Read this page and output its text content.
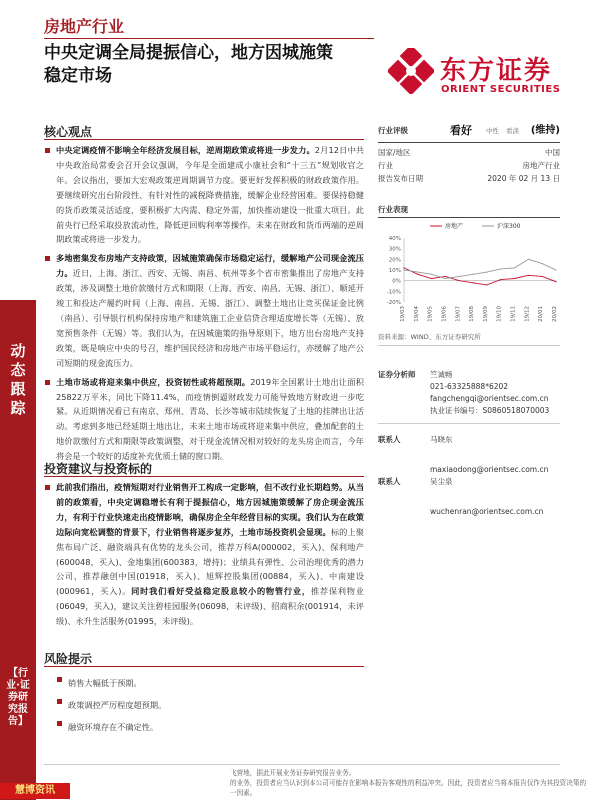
房地产行业
中央定调全局提振信心，地方因城施策
稳定市场	东方证券
ORIENT SECURITIES
动态跟踪
【行业·证券研究报告】
核心观点
中央定调疫情不影响全年经济发展目标，逆周期政策或将进一步发力。2月12日中共中央政治局常委会召开会议强调，今年是全面建成小康社会和“十三五”规划收官之年。会议指出，要加大宏观政策逆周期调节力度。要更好发挥积极的财政政策作用。要继续研究出台阶段性、有针对性的减税降费措施，缓解企业经营困难。要保持稳健的货币政策灵活适度，要积极扩大内需、稳定外需，加快推动建设一批重大项目。此前央行已经采取投放流动性，降低逆回购利率等操作。未来在财政和货币两端的逆周期政策或将进一步发力。
多地密集发布房地产支持政策，因城施策确保市场稳定运行，缓解地产公司现金流压力。近日，上海、浙江、西安、无锡、南昌、杭州等多个省市密集推出了房地产支持政策，涉及调整土地价款缴付方式和期限（上海、西安、南昌、无锡、浙江）、顺延开竣工和投达产履约时间（上海、南昌、无锡、浙江）、调整土地出让竞买保证金比例（南昌）、引导银行机构保持房地产和建筑施工企业信贷合理适度增长等（无锡）、放宽预售条件（无锡）等。我们认为，在因城施策的指导原则下，地方出台房地产支持政策，既是响应中央的号召，维护国民经济和房地产市场平稳运行，亦缓解了地产公司短期的现金流压力。
土地市场或将迎来集中供应，投资韧性或将超预期。2019年全国累计土地出让面积25822万平米，同比下降11.4%，而疫情倒逼财政发力可能导致地方财政进一步吃紧。从近期情况看已有南京、郑州、青岛、长沙等城市陆续恢复了土地的挂牌出让活动。考虑到多地已经延期土地出让，未来土地市场或将迎来集中供应，叠加配套的土地价款缴付方式和期限等政策调整，对于现金流情况相对较好的龙头房企而言，今年将会是一个较好的适度补充优质土储的窗口期。
投资建议与投资标的
此前我们指出，疫情短期对行业销售开工构成一定影响，但不改行业长期趋势。从当前的政策看，中央定调稳增长有利于提振信心，地方因城施策缓解了房企现金流压力，有利于行业快速走出疫情影响，确保房企全年经营目标的实现。我们认为在政策边际向宽松调整的背景下，行业销售将逐步复苏，土地市场投资机会显现。标的上聚焦布局广泛、融资端具有优势的龙头公司，推荐万科A(000002，买入)、保利地产(600048，买入)、金地集团(600383，增持)；业绩具有弹性、公司治理优秀的潜力公司，推荐融创中国(01918，买入)、旭辉控股集团(00884，买入)、中南建设(000961，买入)。同时我们看好受益稳定股息较小的物管行业，推荐保利物业(06049，买入)，建议关注碧桂园服务(06098，未评级)、招商积余(001914，未评级)、永升生活服务(01995，未评级)。
风险提示
销售大幅低于预期。
政策调控严厉程度超预期。
融资环境存在不确定性。
行业评级	看好 中性 看淡 (维持)
国家/地区	中国
行业	房地产行业
报告发布日期	2020 年 02 月 13 日
行业表现
40%
30%
20%
10%
0%
-10%
-20%
19/03 19/04 19/05 19/06 19/07 19/08 19/09 19/10 19/11 19/12 20/01 20/02
房地产	沪深300
资料来源：WIND、东方证券研究所
证券分析师 竺诚畅
021-63325888*6202
fangchengqi@orientsec.com.cn
执业证书编号：S0860518070003
联系人	马晓东
maxiaodong@orientsec.com.cn
联系人	吴尘泉
wuchenran@orientsec.com.cn
飞营地，据此开展业务证券研究报告业务。
的业务，投资者应当认识到本公司可能存在影响本报告客观性的利益冲突。因此，投资者应当将本报告仅作为其投资决策的
一因素。
慧博资讯
